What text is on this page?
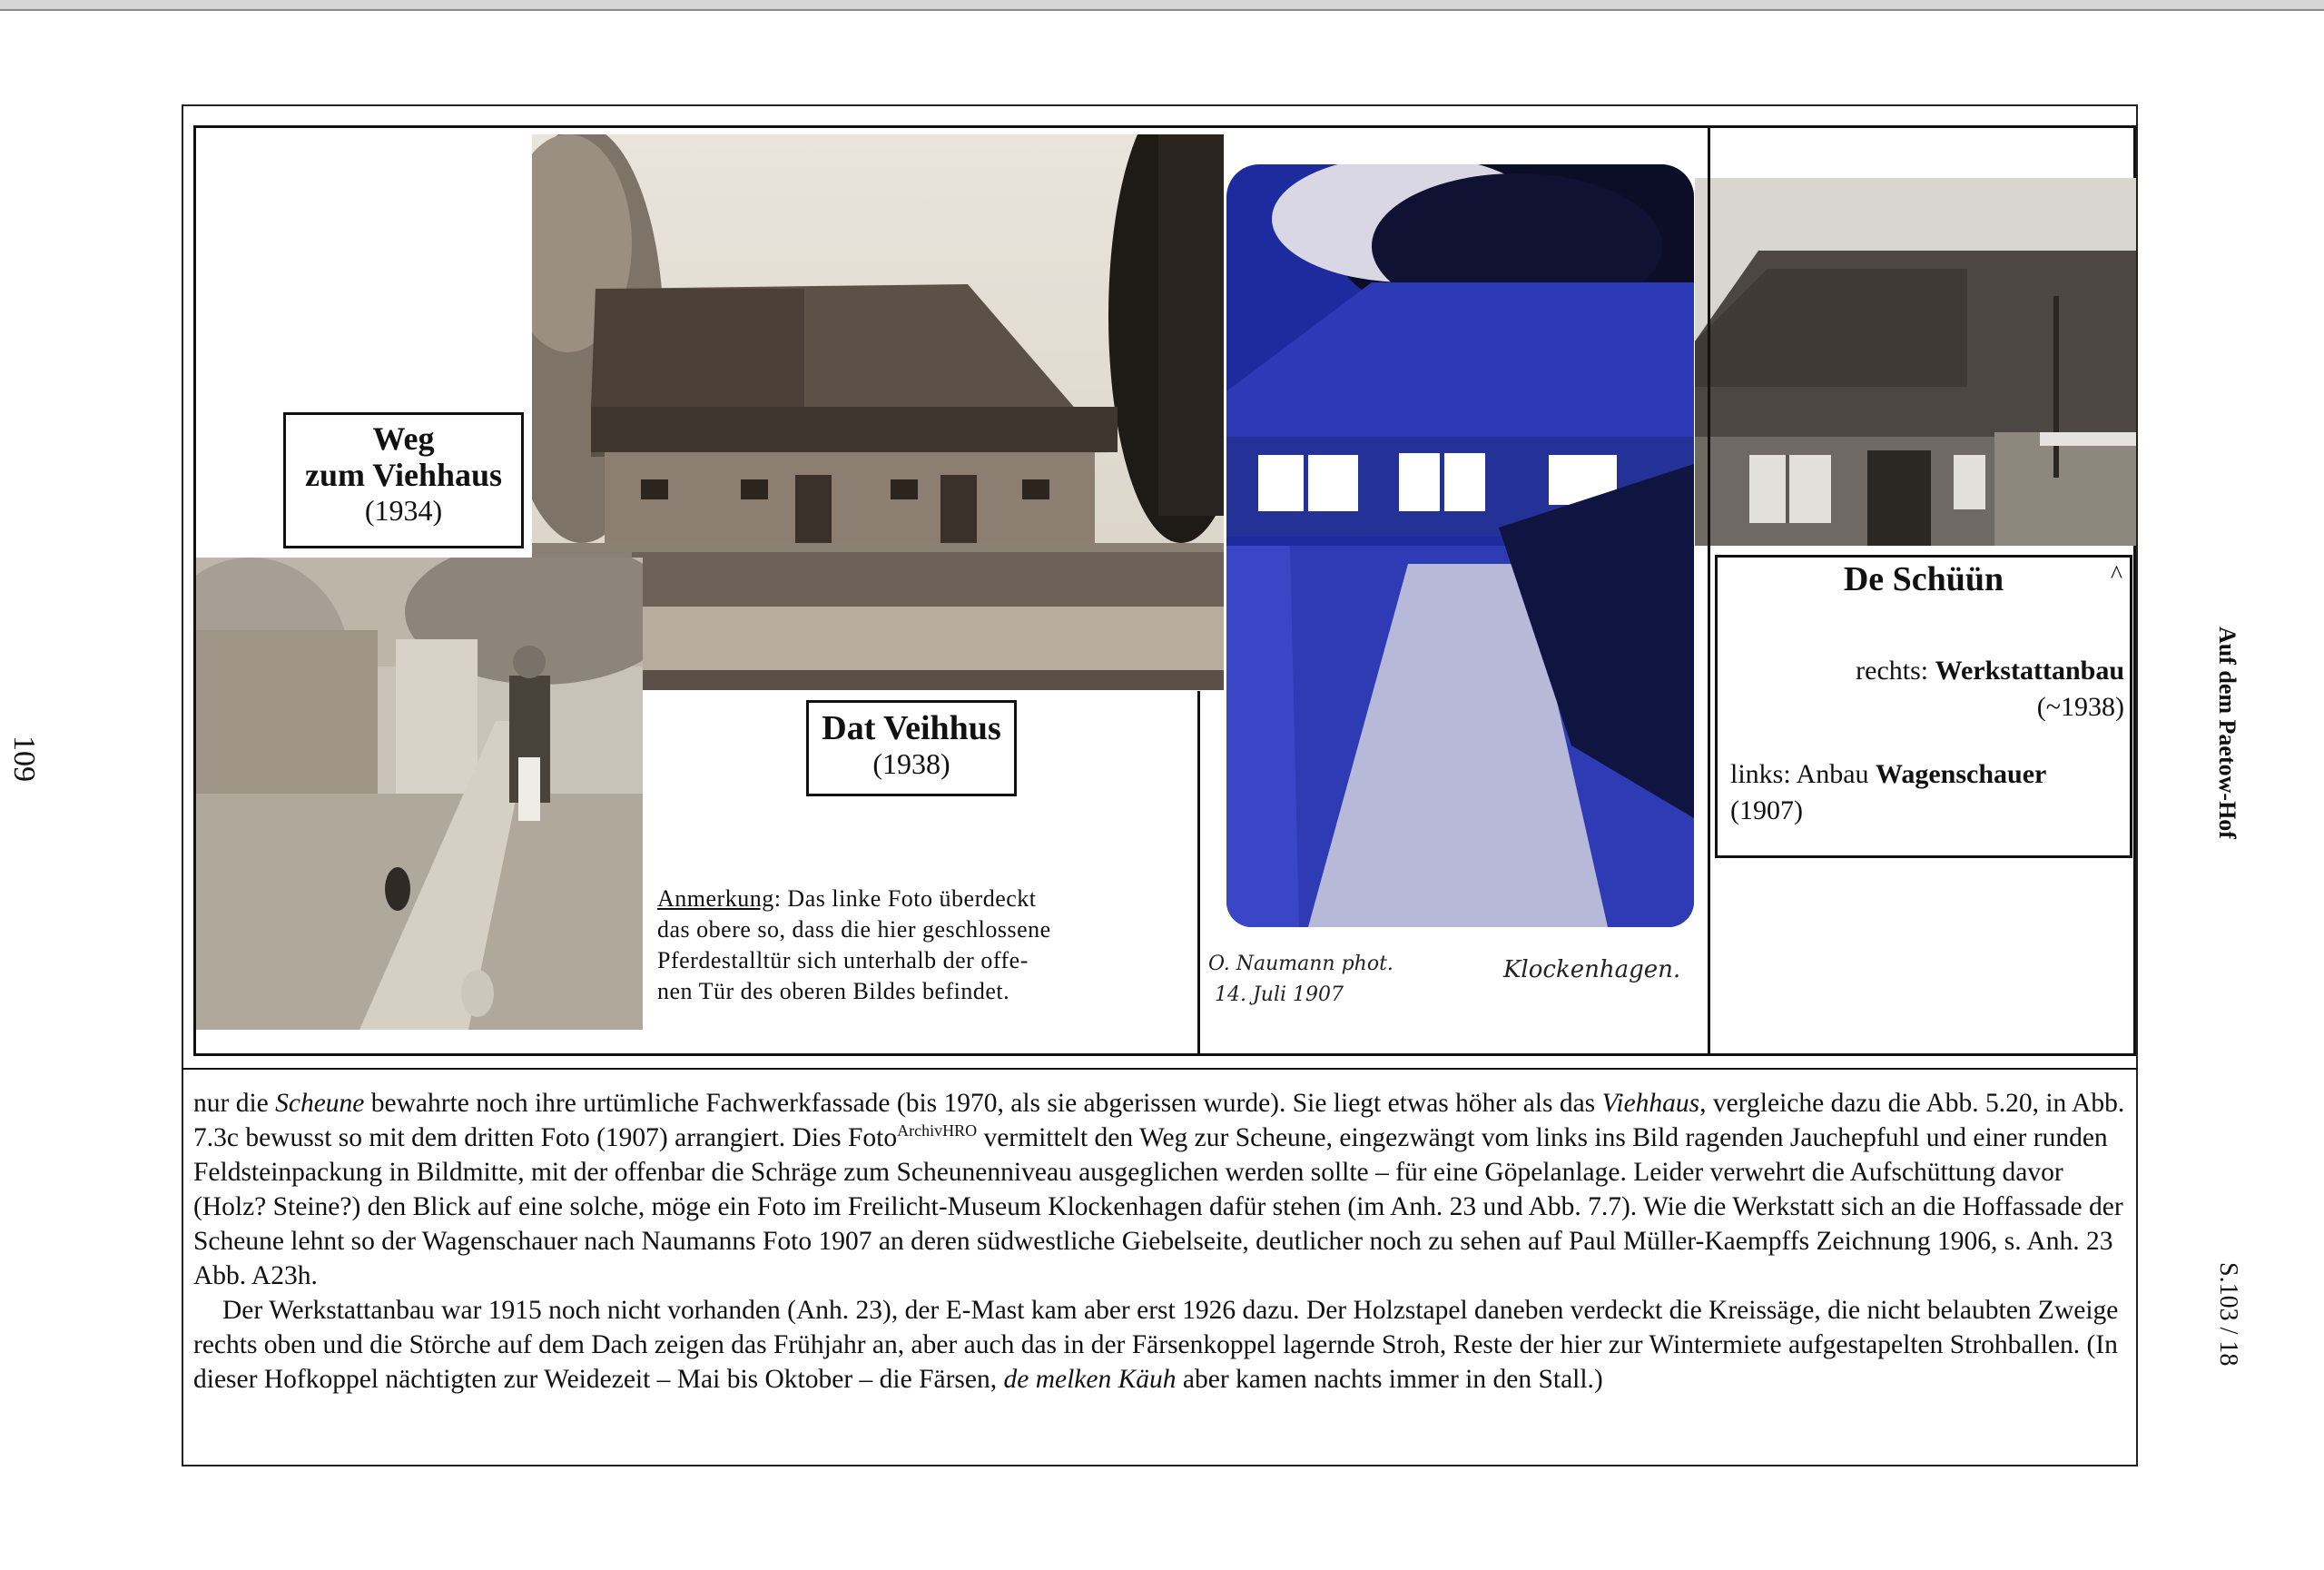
Weg
zum Viehhaus
(1934)
Dat Veihhus
(1938)
De Schüün	^
rechts: Werkstattanbau
(~1938)
links: Anbau Wagenschauer
(1907)
Anmerkung: Das linke Foto überdeckt
das obere so, dass die hier geschlossene
Pferdestalltür sich unterhalb der offe-
nen Tür des oberen Bildes befindet.
O. Naumann phot.
14. Juli 1907
Klockenhagen.

nur die Scheune bewahrte noch ihre urtümliche Fachwerkfassade (bis 1970, als sie abgerissen wurde). Sie liegt etwas höher als das Viehhaus, vergleiche dazu die Abb. 5.20, in Abb. 7.3c bewusst so mit dem dritten Foto (1907) arrangiert. Dies Foto$^{ArchivHRO}$ vermittelt den Weg zur Scheune, eingezwängt vom links ins Bild ragenden Jauchepfuhl und einer runden Feldsteinpackung in Bildmitte, mit der offenbar die Schräge zum Scheunenniveau ausgeglichen werden sollte – für eine Göpelanlage. Leider verwehrt die Aufschüttung davor (Holz? Steine?) den Blick auf eine solche, möge ein Foto im Freilicht-Museum Klockenhagen dafür stehen (im Anh. 23 und Abb. 7.7). Wie die Werkstatt sich an die Hoffassade der Scheune lehnt so der Wagenschauer nach Naumanns Foto 1907 an deren südwestliche Giebelseite, deutlicher noch zu sehen auf Paul Müller-Kaempffs Zeichnung 1906, s. Anh. 23 Abb. A23h.

Der Werkstattanbau war 1915 noch nicht vorhanden (Anh. 23), der E-Mast kam aber erst 1926 dazu. Der Holzstapel daneben verdeckt die Kreissäge, die nicht belaubten Zweige rechts oben und die Störche auf dem Dach zeigen das Frühjahr an, aber auch das in der Färsenkoppel lagernde Stroh, Reste der hier zur Wintermiete aufgestapelten Strohballen. (In dieser Hofkoppel nächtigten zur Weidezeit – Mai bis Oktober – die Färsen, de melken Käuh aber kamen nachts immer in den Stall.)

109	Auf dem Paetow-Hof
S.103 / 18
